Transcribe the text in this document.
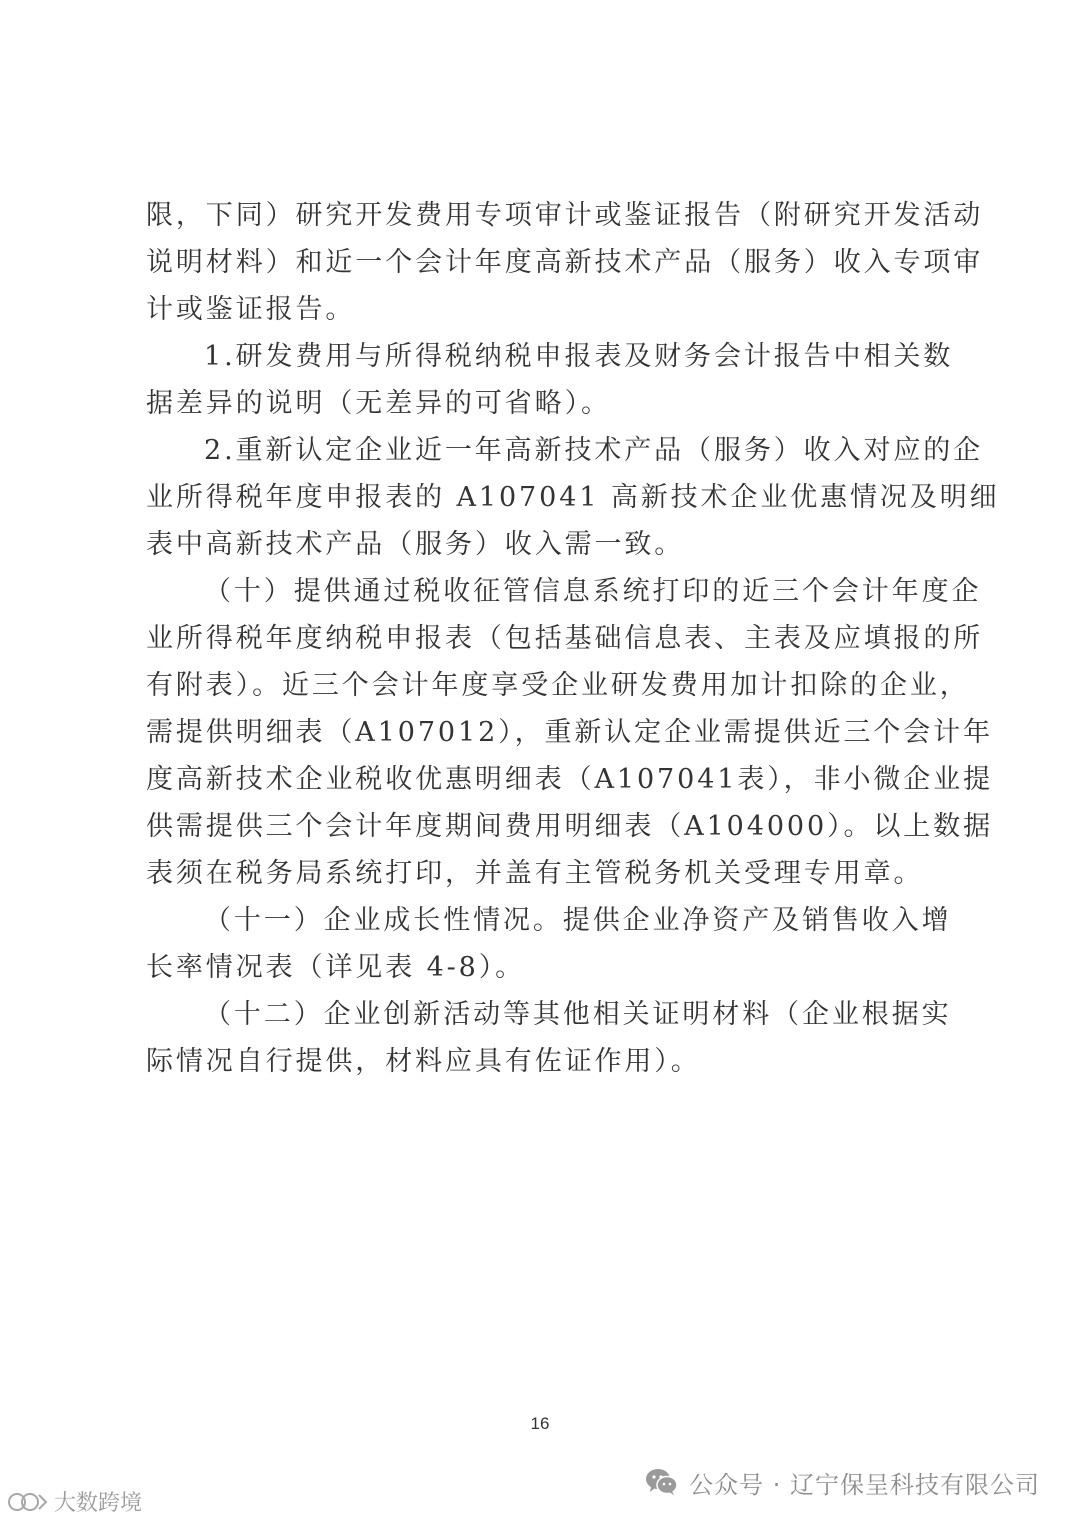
限，下同）研究开发费用专项审计或鉴证报告（附研究开发活动
说明材料）和近一个会计年度高新技术产品（服务）收入专项审
计或鉴证报告。
1.研发费用与所得税纳税申报表及财务会计报告中相关数
据差异的说明（无差异的可省略）。
2.重新认定企业近一年高新技术产品（服务）收入对应的企
业所得税年度申报表的 A107041 高新技术企业优惠情况及明细
表中高新技术产品（服务）收入需一致。
（十）提供通过税收征管信息系统打印的近三个会计年度企
业所得税年度纳税申报表（包括基础信息表、主表及应填报的所
有附表）。近三个会计年度享受企业研发费用加计扣除的企业，
需提供明细表（A107012），重新认定企业需提供近三个会计年
度高新技术企业税收优惠明细表（A107041表），非小微企业提
供需提供三个会计年度期间费用明细表（A104000）。以上数据
表须在税务局系统打印，并盖有主管税务机关受理专用章。
（十一）企业成长性情况。提供企业净资产及销售收入增
长率情况表（详见表 4-8）。
（十二）企业创新活动等其他相关证明材料（企业根据实
际情况自行提供，材料应具有佐证作用）。
16
公众号 · 辽宁保呈科技有限公司
大数跨境
